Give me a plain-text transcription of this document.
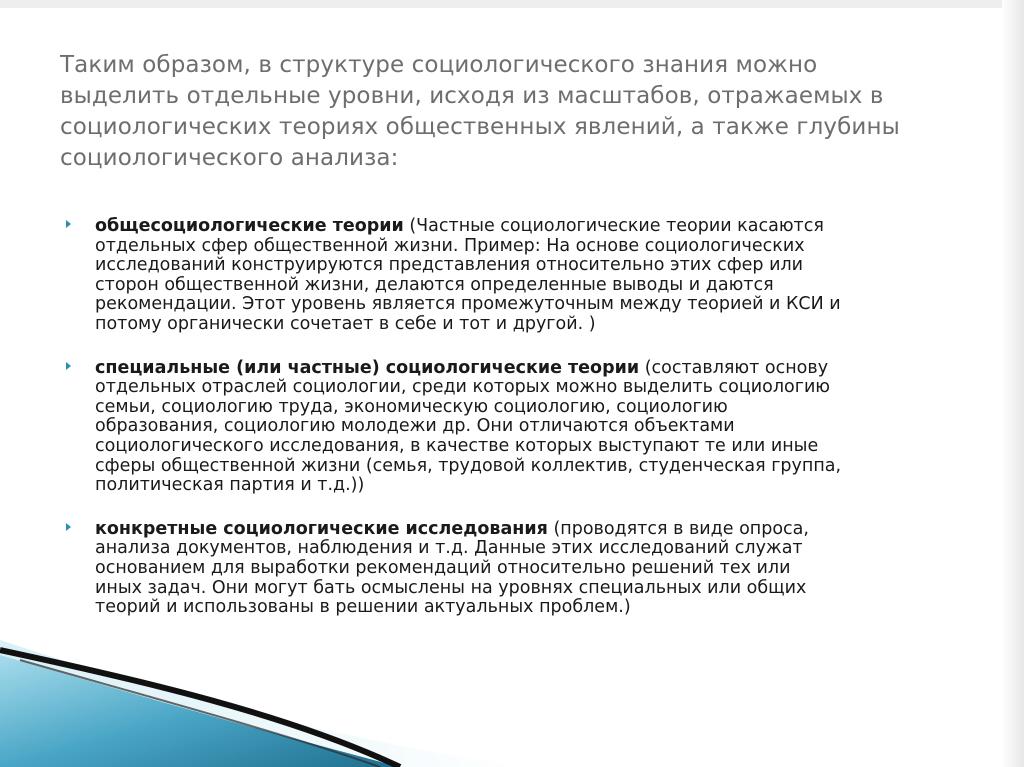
Таким образом, в структуре социологического знания можно
выделить отдельные уровни, исходя из масштабов, отражаемых в
социологических теориях общественных явлений, а также глубины
социологического анализа:
общесоциологические теории (Частные социологические теории касаются
отдельных сфер общественной жизни. Пример: На основе социологических
исследований конструируются представления относительно этих сфер или
сторон общественной жизни, делаются определенные выводы и даются
рекомендации. Этот уровень является промежуточным между теорией и КСИ и
потому органически сочетает в себе и тот и другой. )
специальные (или частные) социологические теории (составляют основу
отдельных отраслей социологии, среди которых можно выделить социологию
семьи, социологию труда, экономическую социологию, социологию
образования, социологию молодежи др. Они отличаются объектами
социологического исследования, в качестве которых выступают те или иные
сферы общественной жизни (семья, трудовой коллектив, студенческая группа,
политическая партия и т.д.))
конкретные социологические исследования (проводятся в виде опроса,
анализа документов, наблюдения и т.д. Данные этих исследований служат
основанием для выработки рекомендаций относительно решений тех или
иных задач. Они могут бать осмыслены на уровнях специальных или общих
теорий и использованы в решении актуальных проблем.)
